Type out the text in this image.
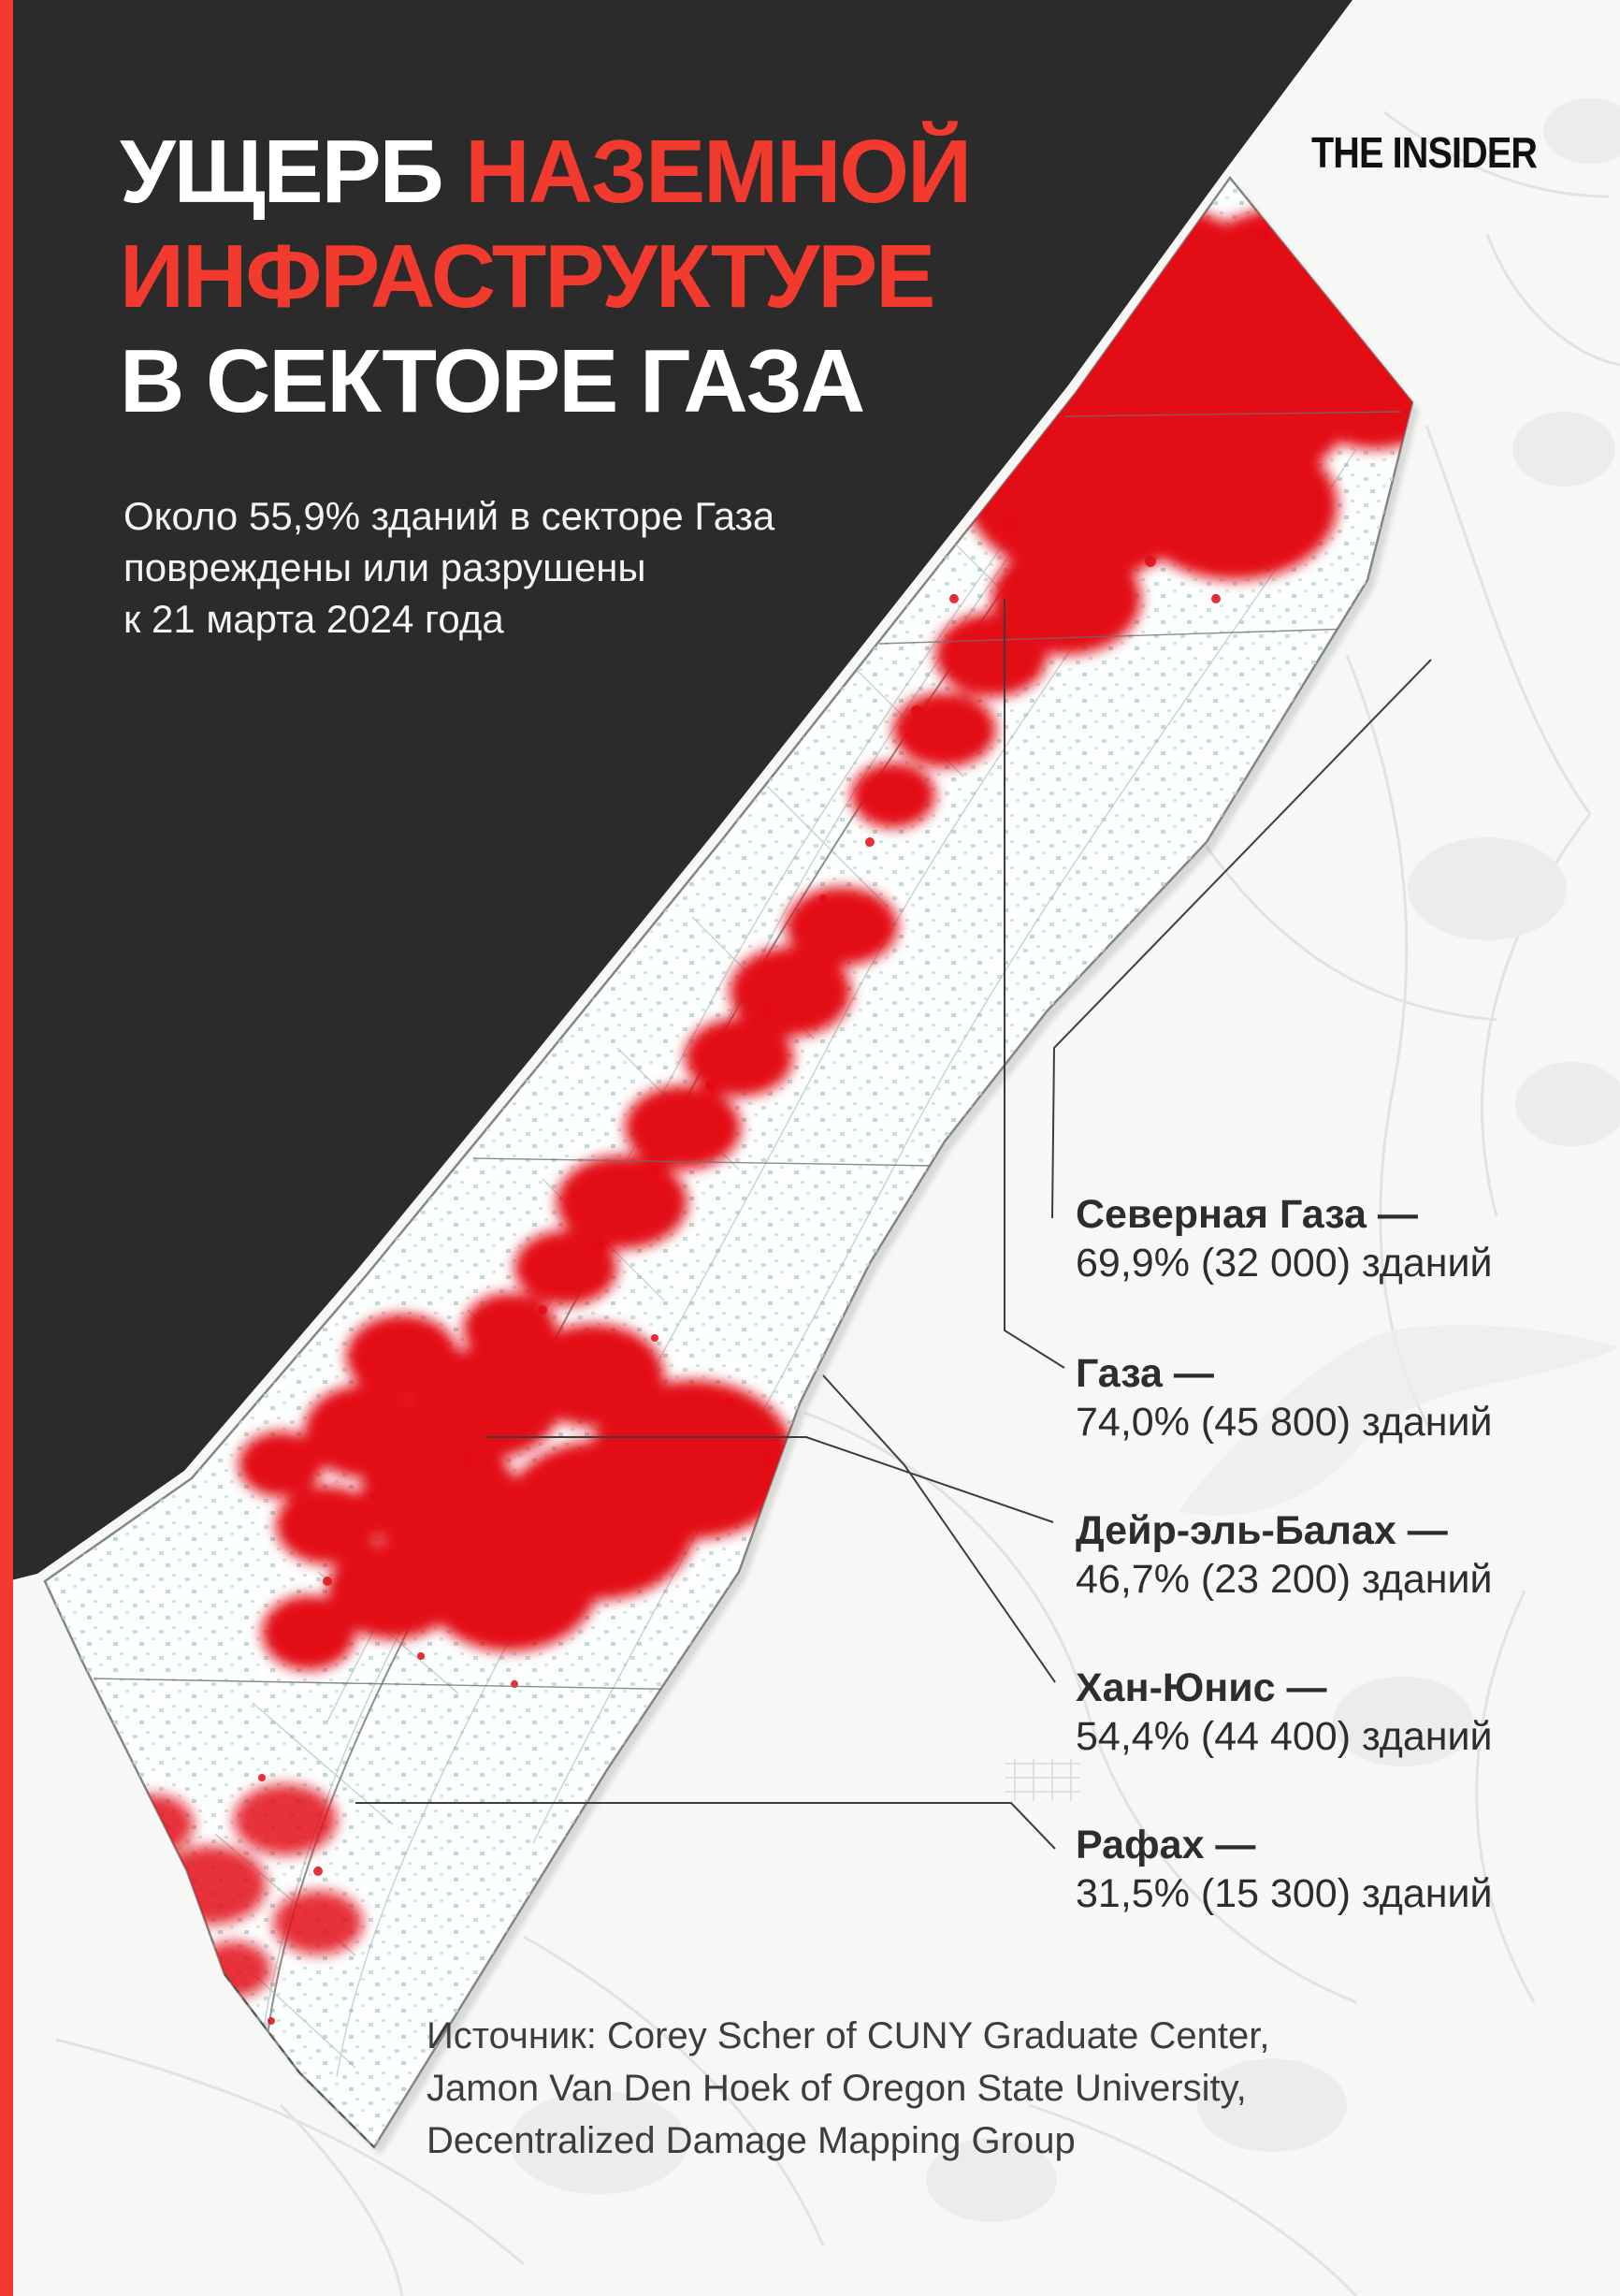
УЩЕРБ НАЗЕМНОЙ
ИНФРАСТРУКТУРЕ
В СЕКТОРЕ ГАЗА
Около 55,9% зданий в секторе Газа
повреждены или разрушены
к 21 марта 2024 года
THE INSIDER
Северная Газа —
69,9% (32 000) зданий
Газа —
74,0% (45 800) зданий
Дейр-эль-Балах —
46,7% (23 200) зданий
Хан-Юнис —
54,4% (44 400) зданий
Рафах —
31,5% (15 300) зданий
Источник: Corey Scher of CUNY Graduate Center,
Jamon Van Den Hoek of Oregon State University,
Decentralized Damage Mapping Group
